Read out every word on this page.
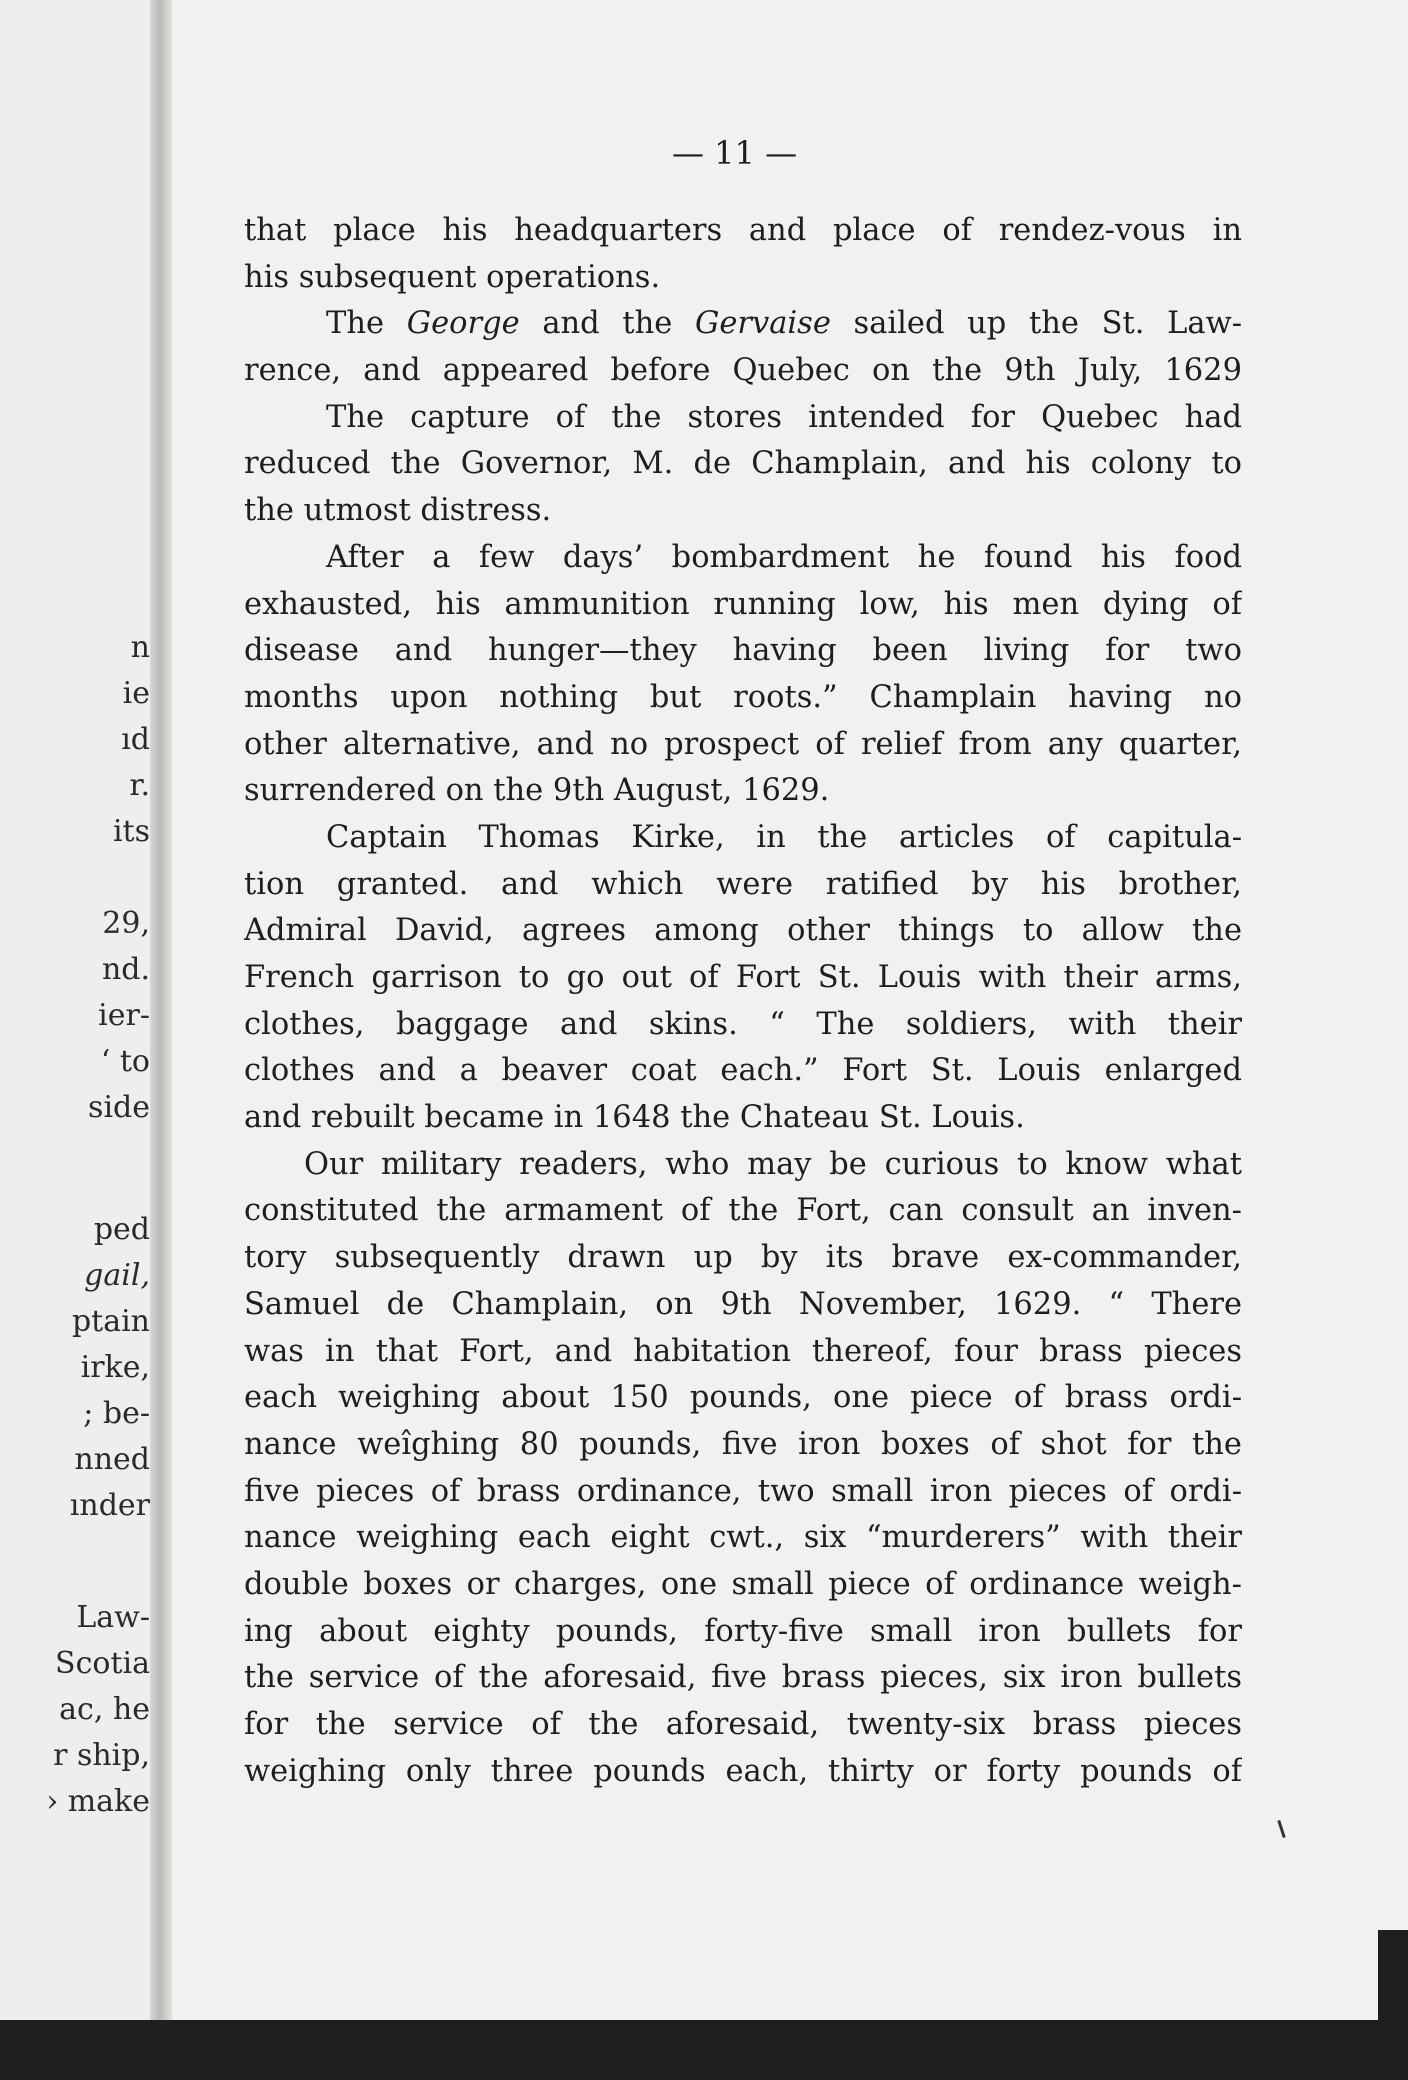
n
ie
ıd
r.
its
29,
nd.
ier-
‘ to
side
ped
gail,
ptain
irke,
; be-
nned
ınder
Law-
Scotia
ac, he
r ship,
› make
— 11 —
that place his headquarters and place of rendez-vous in
his subsequent operations.
The George and the Gervaise sailed up the St. Law-
rence, and appeared before Quebec on the 9th July, 1629
The capture of the stores intended for Quebec had
reduced the Governor, M. de Champlain, and his colony to
the utmost distress.
After a few days’ bombardment he found his food
exhausted, his ammunition running low, his men dying of
disease and hunger—they having been living for two
months upon nothing but roots.” Champlain having no
other alternative, and no prospect of relief from any quarter,
surrendered on the 9th August, 1629.
Captain Thomas Kirke, in the articles of capitula-
tion granted. and which were ratified by his brother,
Admiral David, agrees among other things to allow the
French garrison to go out of Fort St. Louis with their arms,
clothes, baggage and skins. “ The soldiers, with their
clothes and a beaver coat each.” Fort St. Louis enlarged
and rebuilt became in 1648 the Chateau St. Louis.
Our military readers, who may be curious to know what
constituted the armament of the Fort, can consult an inven-
tory subsequently drawn up by its brave ex-commander,
Samuel de Champlain, on 9th November, 1629. “ There
was in that Fort, and habitation thereof, four brass pieces
each weighing about 150 pounds, one piece of brass ordi-
nance weîghing 80 pounds, five iron boxes of shot for the
five pieces of brass ordinance, two small iron pieces of ordi-
nance weighing each eight cwt., six “murderers” with their
double boxes or charges, one small piece of ordinance weigh-
ing about eighty pounds, forty-five small iron bullets for
the service of the aforesaid, five brass pieces, six iron bullets
for the service of the aforesaid, twenty-six brass pieces
weighing only three pounds each, thirty or forty pounds of
